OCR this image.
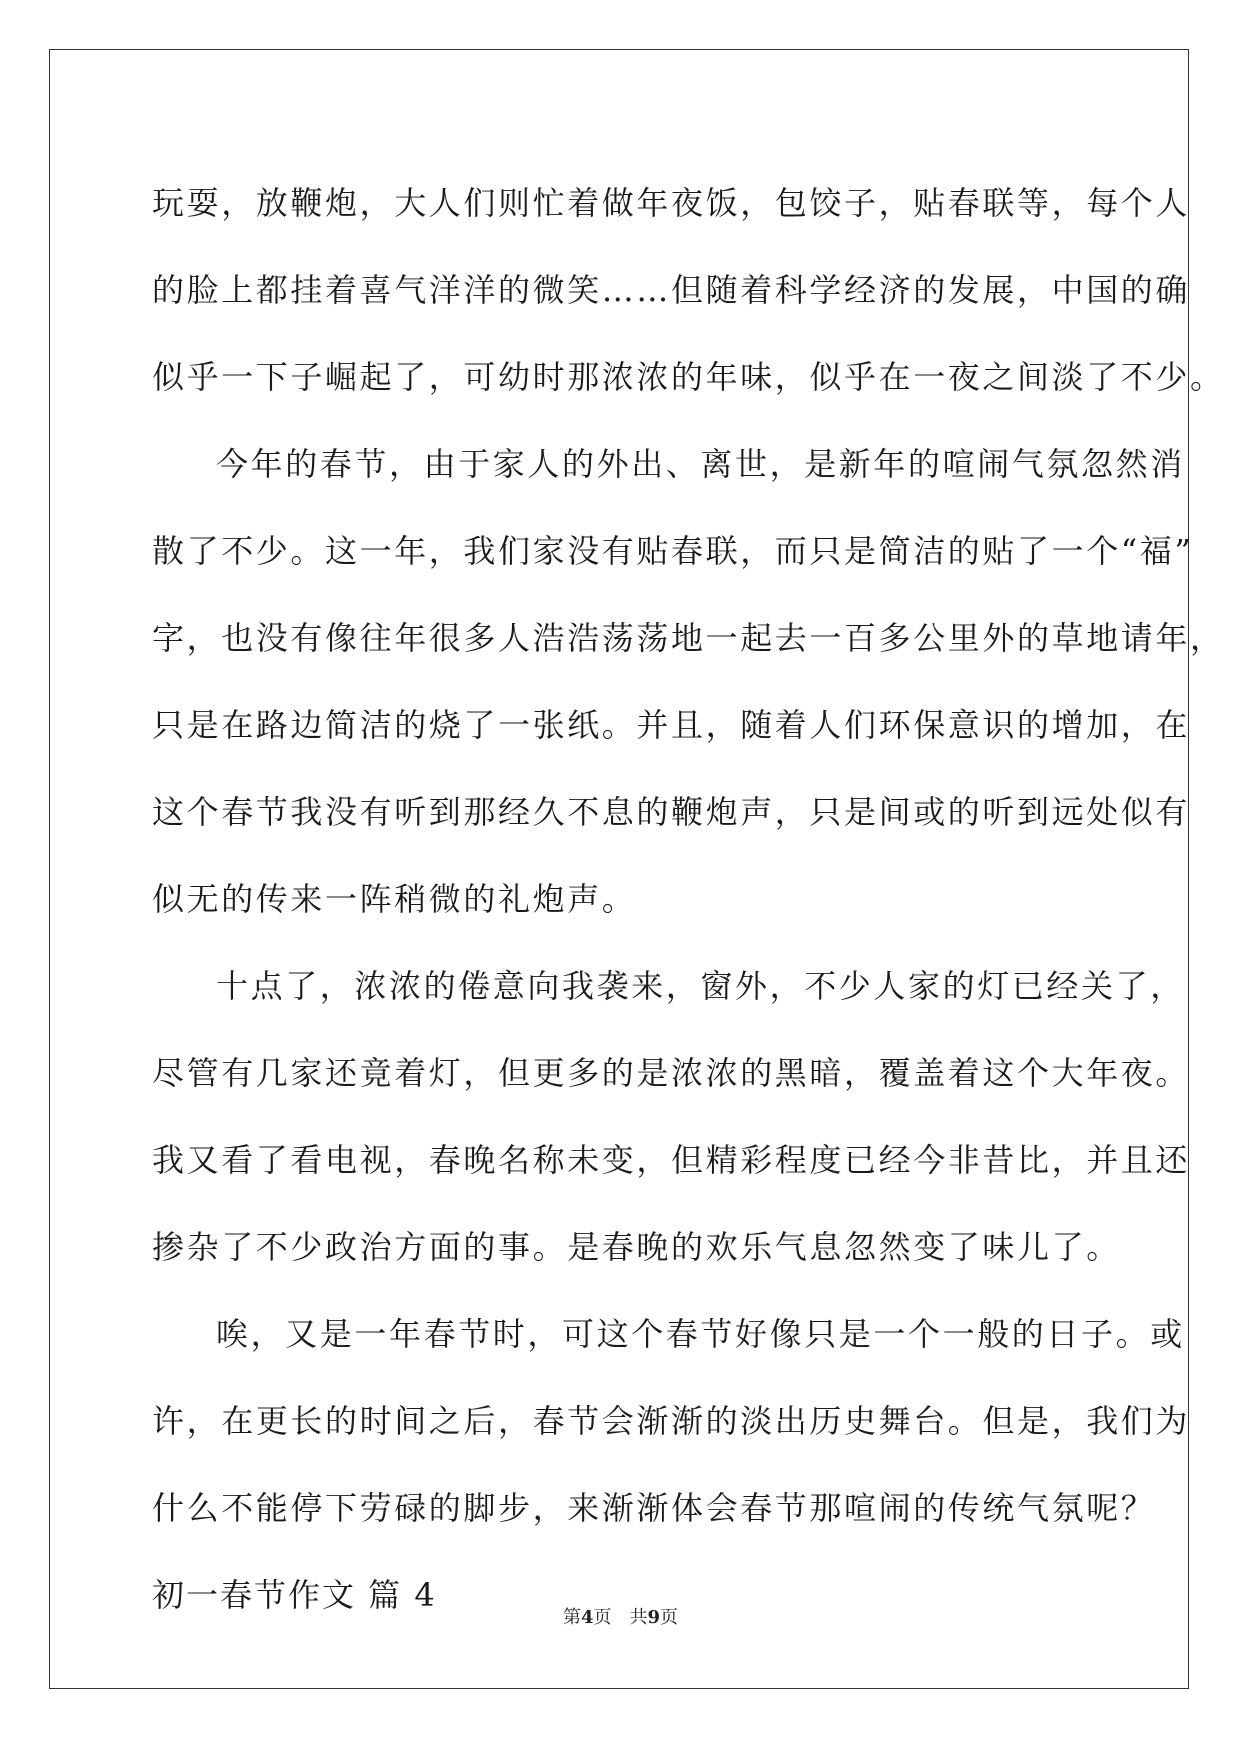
玩耍，放鞭炮，大人们则忙着做年夜饭，包饺子，贴春联等，每个人
的脸上都挂着喜气洋洋的微笑……但随着科学经济的发展，中国的确
似乎一下子崛起了，可幼时那浓浓的年味，似乎在一夜之间淡了不少。

今年的春节，由于家人的外出、离世，是新年的喧闹气氛忽然消
散了不少。这一年，我们家没有贴春联，而只是简洁的贴了一个“福”
字，也没有像往年很多人浩浩荡荡地一起去一百多公里外的草地请年，
只是在路边简洁的烧了一张纸。并且，随着人们环保意识的增加，在
这个春节我没有听到那经久不息的鞭炮声，只是间或的听到远处似有
似无的传来一阵稍微的礼炮声。

十点了，浓浓的倦意向我袭来，窗外，不少人家的灯已经关了，
尽管有几家还竟着灯，但更多的是浓浓的黑暗，覆盖着这个大年夜。
我又看了看电视，春晚名称未变，但精彩程度已经今非昔比，并且还
掺杂了不少政治方面的事。是春晚的欢乐气息忽然变了味儿了。

唉，又是一年春节时，可这个春节好像只是一个一般的日子。或
许，在更长的时间之后，春节会渐渐的淡出历史舞台。但是，我们为
什么不能停下劳碌的脚步，来渐渐体会春节那喧闹的传统气氛呢？

初一春节作文 篇 4

第4页 共9页
